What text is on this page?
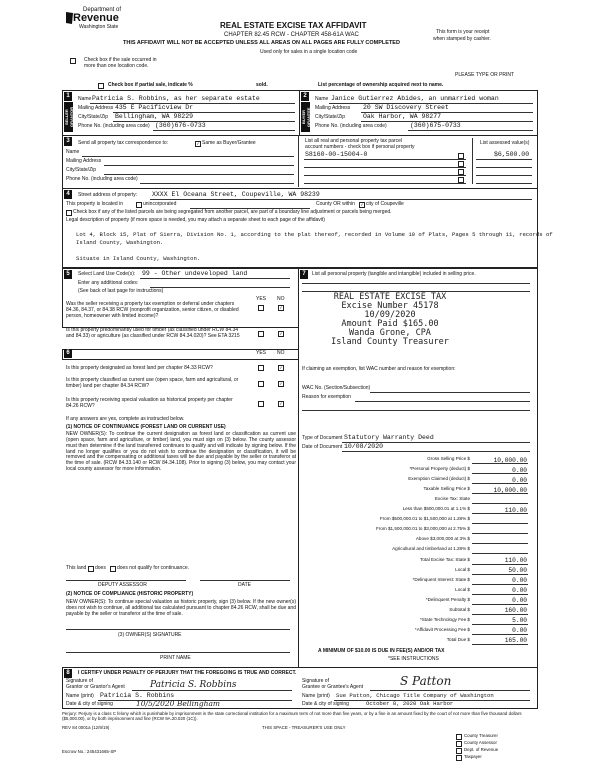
Department of
Revenue
Washington State	REAL ESTATE EXCISE TAX AFFIDAVIT
CHAPTER 82.45 RCW - CHAPTER 458-61A WAC
THIS AFFIDAVIT WILL NOT BE ACCEPTED UNLESS ALL AREAS ON ALL PAGES ARE FULLY COMPLETED
This form is your receipt
when stamped by cashier.
Used only for sales in a single location code
Check box if the sale occurred in
more than one location code.
PLEASE TYPE OR PRINT
Check box if partial sale, indicate %	sold.	List percentage of ownership acquired next to name.
1
SELLER GRANTOR
Name Patricia S. Robbins, as her separate estate
Mailing Address 435 E Pacificview Dr
City/State/Zip Bellingham, WA 98229
Phone No. (including area code) (360)676-0733
2
BUYER GRANTEE
Name Janice Gutierrez Abides, an unmarried woman
Mailing Address 20 SW Discovery Street
City/State/Zip	Oak Harbor, WA 98277
Phone No. (including area code)	(360)675-0733
3	Send all property tax correspondence to:	✓ Same as Buyer/Grantee
Name
Mailing Address
City/State/Zip
Phone No. (including area code)
List all real and personal property tax parcel
account numbers - check box if personal property
List assessed value(s)
S8160-00-15004-0	$6,500.00
4	Street address of property: XXXX El Oceana Street, Coupeville, WA 98239
This property is located in	unincorporated	County OR within	✓ city of Coupeville
Check box if any of the listed parcels are being segregated from another parcel, are part of a boundary line adjustment or parcels being merged.
Legal description of property (if more space is needed, you may attach a separate sheet to each page of the affidavit)
Lot 4, Block 15, Plat of Sierra, Division No. 1, according to the plat thereof, recorded in Volume 10 of Plats, Pages 5 through 11, records of
Island County, Washington.
Situate in Island County, Washington.
5	Select Land Use Code(s): 99 - Other undeveloped land
Enter any additional codes:
(See back of last page for instructions)
YES NO
Was the seller receiving a property tax exemption or deferral under chapters 84.36, 84.37, or 84.38 RCW (nonprofit organization, senior citizen, or disabled person, homeowner with limited income)?
✓
Is this property predominantly used for timber (as classified under RCW 84.34 and 84.33) or agriculture (as classified under RCW 84.34.020)? See ETA 3215	✓
6	YES NO
Is this property designated as forest land per chapter 84.33 RCW?	✓
Is this property classified as current use (open space, farm and agricultural, or timber) land per chapter 84.34 RCW?	✓
Is this property receiving special valuation as historical property per chapter 84.26 RCW?	✓
If any answers are yes, complete as instructed below.
(1) NOTICE OF CONTINUANCE (FOREST LAND OR CURRENT USE)
NEW OWNER(S): To continue the current designation as forest land or classification as current use (open space, farm and agriculture, or timber) land, you must sign on (3) below. The county assessor must then determine if the land transferred continues to qualify and will indicate by signing below. If the land no longer qualifies or you do not wish to continue the designation or classification, it will be removed and the compensating or additional taxes will be due and payable by the seller or transferor at the time of sale. (RCW 84.33.140 or RCW 84.34.108). Prior to signing (3) below, you may contact your local county assessor for more information.
This land does does not qualify for continuance.
DEPUTY ASSESSOR	DATE
(2) NOTICE OF COMPLIANCE (HISTORIC PROPERTY)
NEW OWNER(S): To continue special valuation as historic property, sign (3) below. If the new owner(s) does not wish to continue, all additional tax calculated pursuant to chapter 84.26 RCW, shall be due and payable by the seller or transferor at the time of sale.
(3) OWNER(S) SIGNATURE
PRINT NAME
7	List all personal property (tangible and intangible) included in selling price.
REAL ESTATE EXCISE TAX
Excise Number 45178
10/09/2020
Amount Paid $165.00
Wanda Grone, CPA
Island County Treasurer
If claiming an exemption, list WAC number and reason for exemption:
WAC No. (Section/Subsection)
Reason for exemption
Type of Document Statutory Warranty Deed
Date of Document 10/08/2020
Gross Selling Price $	10,000.00
*Personal Property (deduct) $	0.00
Exemption Claimed (deduct) $	0.00
Taxable Selling Price $	10,000.00
Excise Tax: State
Less than $500,000.01 at 1.1% $	110.00
From $500,000.01 to $1,500,000 at 1.28% $
From $1,500,000.01 to $3,000,000 at 2.75% $
Above $3,000,000 at 3% $
Agricultural and timberland at 1.28% $
Total Excise Tax: State $	110.00
Local $	50.00
*Delinquent Interest: State $	0.00
Local $	0.00
*Delinquent Penalty $	0.00
Subtotal $	160.00
*State Technology Fee $	5.00
*Affidavit Processing Fee $	0.00
Total Due $	165.00
A MINIMUM OF $10.00 IS DUE IN FEE(S) AND/OR TAX
*SEE INSTRUCTIONS
8	I CERTIFY UNDER PENALTY OF PERJURY THAT THE FOREGOING IS TRUE AND CORRECT.
Signature of
Grantor or Grantor's Agent	Patricia S. Robbins
Name (print) Patricia S. Robbins
Date & city of signing	10/5/2020 Bellingham
Signature of
Grantee or Grantee's Agent	S Patton
Name (print) Sue Patton, Chicago Title Company of Washington
Date & city of signing	October 8, 2020 Oak Harbor
Perjury: Perjury is a class C felony which is punishable by imprisonment in the state correctional institution for a maximum term of not more than five years, or by a fine in an amount fixed by the court of not more than five thousand dollars ($5,000.00), or by both imprisonment and fine (RCW 9A.20.020 (1C)).
REV 84 0001a (12/9/19)	THIS SPACE - TREASURER'S USE ONLY
Escrow No.: 245431665-SP
County Treasurer
County Assessor
Dept. of Revenue
Taxpayer
